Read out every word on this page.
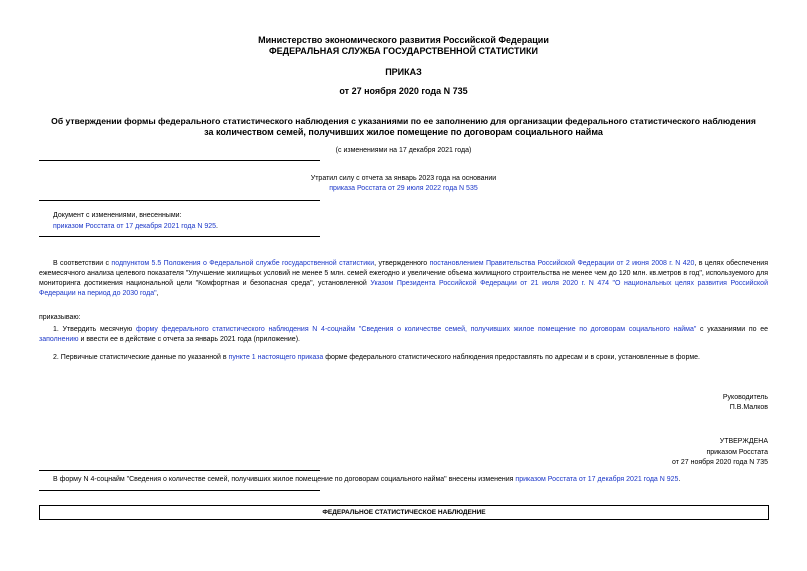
Министерство экономического развития Российской Федерации
ФЕДЕРАЛЬНАЯ СЛУЖБА ГОСУДАРСТВЕННОЙ СТАТИСТИКИ
ПРИКАЗ
от 27 ноября 2020 года N 735
Об утверждении формы федерального статистического наблюдения с указаниями по ее заполнению для организации федерального статистического наблюдения
за количеством семей, получивших жилое помещение по договорам социального найма
(с изменениями на 17 декабря 2021 года)
Утратил силу с отчета за январь 2023 года на основании
приказа Росстата от 29 июля 2022 года N 535
Документ с изменениями, внесенными:
приказом Росстата от 17 декабря 2021 года N 925.
В соответствии с подпунктом 5.5 Положения о Федеральной службе государственной статистики, утвержденного постановлением Правительства Российской Федерации от 2 июня 2008 г. N 420, в целях обеспечения ежемесячного анализа целевого показателя "Улучшение жилищных условий не менее 5 млн. семей ежегодно и увеличение объема жилищного строительства не менее чем до 120 млн. кв.метров в год", используемого для мониторинга достижения национальной цели "Комфортная и безопасная среда", установленной Указом Президента Российской Федерации от 21 июля 2020 г. N 474 "О национальных целях развития Российской Федерации на период до 2030 года",
приказываю:
1. Утвердить месячную форму федерального статистического наблюдения N 4-соцнайм "Сведения о количестве семей, получивших жилое помещение по договорам социального найма" с указаниями по ее заполнению и ввести ее в действие с отчета за январь 2021 года (приложение).
2. Первичные статистические данные по указанной в пункте 1 настоящего приказа форме федерального статистического наблюдения предоставлять по адресам и в сроки, установленные в форме.
Руководитель
П.В.Малков
УТВЕРЖДЕНА
приказом Росстата
от 27 ноября 2020 года N 735
В форму N 4-соцнайм "Сведения о количестве семей, получивших жилое помещение по договорам социального найма" внесены изменения приказом Росстата от 17 декабря 2021 года N 925.
ФЕДЕРАЛЬНОЕ СТАТИСТИЧЕСКОЕ НАБЛЮДЕНИЕ
